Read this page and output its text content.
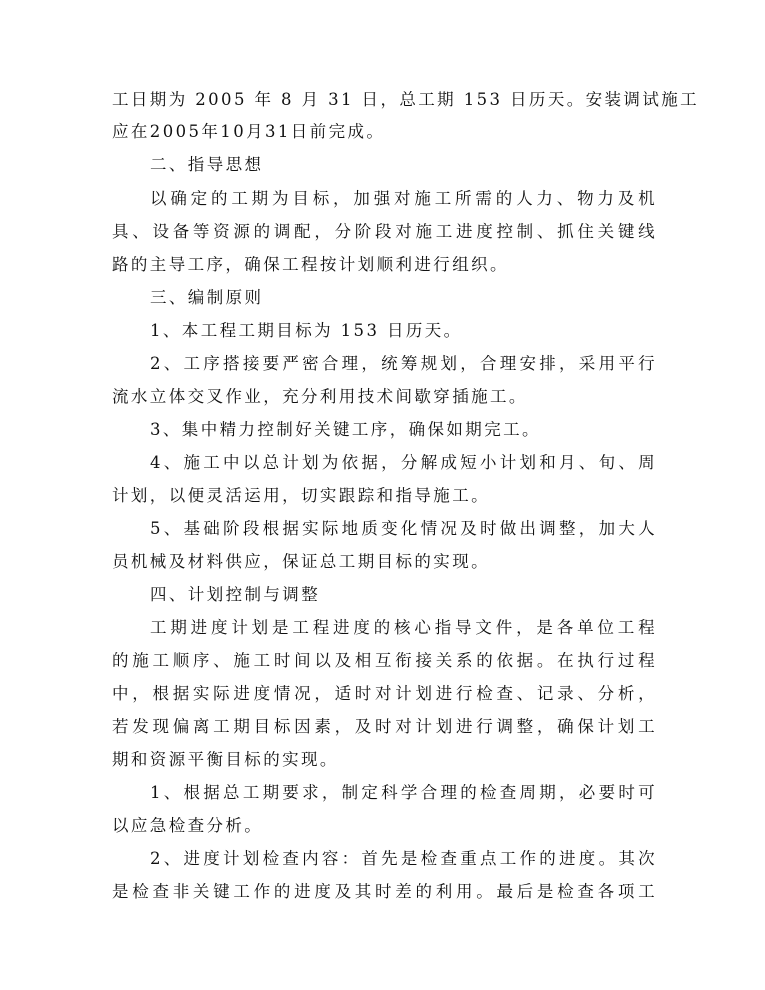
工日期为 2005 年 8 月 31 日，总工期 153 日历天。安装调试施工
应在2005年10月31日前完成。
二、指导思想
以确定的工期为目标，加强对施工所需的人力、物力及机
具、设备等资源的调配，分阶段对施工进度控制、抓住关键线
路的主导工序，确保工程按计划顺利进行组织。
三、编制原则
1、本工程工期目标为 153 日历天。
2、工序搭接要严密合理，统筹规划，合理安排，采用平行
流水立体交叉作业，充分利用技术间歇穿插施工。
3、集中精力控制好关键工序，确保如期完工。
4、施工中以总计划为依据，分解成短小计划和月、旬、周
计划，以便灵活运用，切实跟踪和指导施工。
5、基础阶段根据实际地质变化情况及时做出调整，加大人
员机械及材料供应，保证总工期目标的实现。
四、计划控制与调整
工期进度计划是工程进度的核心指导文件，是各单位工程
的施工顺序、施工时间以及相互衔接关系的依据。在执行过程
中，根据实际进度情况，适时对计划进行检查、记录、分析，
若发现偏离工期目标因素，及时对计划进行调整，确保计划工
期和资源平衡目标的实现。
1、根据总工期要求，制定科学合理的检查周期，必要时可
以应急检查分析。
2、进度计划检查内容：首先是检查重点工作的进度。其次
是检查非关键工作的进度及其时差的利用。最后是检查各项工
